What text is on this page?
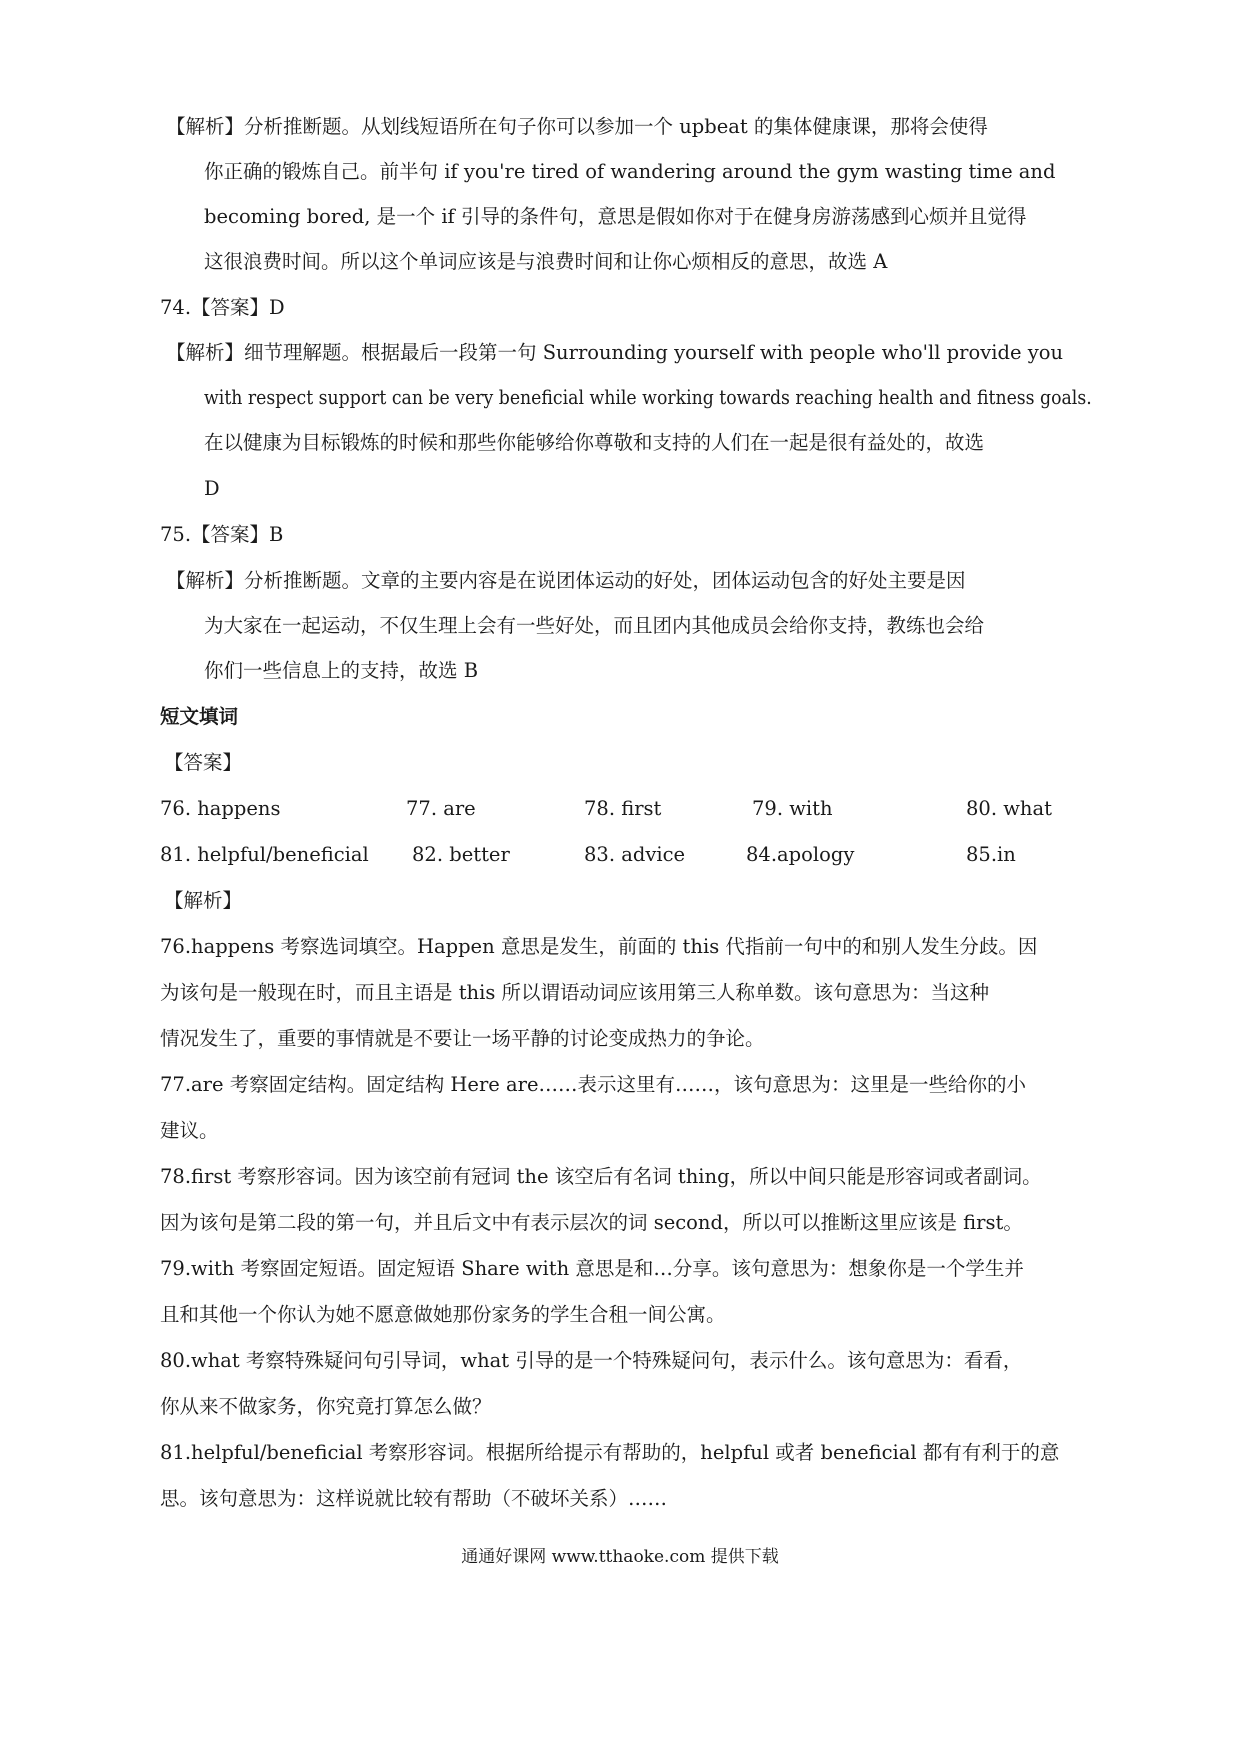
【解析】分析推断题。从划线短语所在句子你可以参加一个 upbeat 的集体健康课，那将会使得
你正确的锻炼自己。前半句 if you're tired of wandering around the gym wasting time and
becoming bored, 是一个 if 引导的条件句，意思是假如你对于在健身房游荡感到心烦并且觉得
这很浪费时间。所以这个单词应该是与浪费时间和让你心烦相反的意思，故选 A
74.【答案】D
【解析】细节理解题。根据最后一段第一句 Surrounding yourself with people who'll provide you
with respect support can be very beneficial while working towards reaching health and fitness goals.
在以健康为目标锻炼的时候和那些你能够给你尊敬和支持的人们在一起是很有益处的，故选
D
75.【答案】B
【解析】分析推断题。文章的主要内容是在说团体运动的好处，团体运动包含的好处主要是因
为大家在一起运动，不仅生理上会有一些好处，而且团内其他成员会给你支持，教练也会给
你们一些信息上的支持，故选 B
短文填词
【答案】
76. happens	77. are	78. first	79. with	80. what
81. helpful/beneficial 82. better	83. advice	84.apology	85.in
【解析】
76.happens 考察选词填空。Happen 意思是发生，前面的 this 代指前一句中的和别人发生分歧。因
为该句是一般现在时，而且主语是 this 所以谓语动词应该用第三人称单数。该句意思为：当这种
情况发生了，重要的事情就是不要让一场平静的讨论变成热力的争论。
77.are 考察固定结构。固定结构 Here are……表示这里有……，该句意思为：这里是一些给你的小
建议。
78.first 考察形容词。因为该空前有冠词 the 该空后有名词 thing，所以中间只能是形容词或者副词。
因为该句是第二段的第一句，并且后文中有表示层次的词 second，所以可以推断这里应该是 first。
79.with 考察固定短语。固定短语 Share with 意思是和…分享。该句意思为：想象你是一个学生并
且和其他一个你认为她不愿意做她那份家务的学生合租一间公寓。
80.what 考察特殊疑问句引导词，what 引导的是一个特殊疑问句，表示什么。该句意思为：看看，
你从来不做家务，你究竟打算怎么做？
81.helpful/beneficial 考察形容词。根据所给提示有帮助的，helpful 或者 beneficial 都有有利于的意
思。该句意思为：这样说就比较有帮助（不破坏关系）……
通通好课网 www.tthaoke.com 提供下载
